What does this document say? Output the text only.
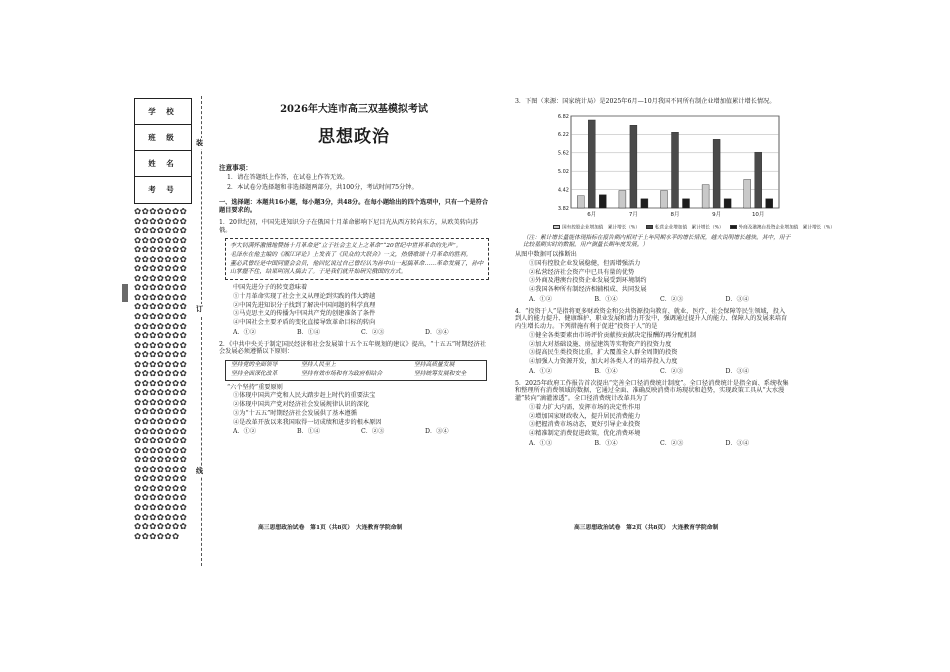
学 校
班 级
姓 名
考 号
✿✿✿✿✿✿✿✿✿✿✿✿✿✿✿✿✿✿✿✿✿✿✿✿✿✿✿✿✿✿✿✿✿✿✿✿✿✿✿✿✿✿✿✿✿✿✿✿✿✿✿✿✿✿✿✿✿✿✿✿✿✿✿✿✿✿✿✿✿✿✿✿✿✿✿✿✿✿✿✿✿✿✿✿✿✿✿✿✿✿✿✿✿✿✿✿✿✿✿✿✿✿✿✿✿✿✿✿✿✿✿✿✿✿✿✿✿✿✿✿✿✿✿✿✿✿✿✿✿✿✿✿✿✿✿✿✿✿✿✿✿✿✿✿✿✿✿✿✿✿✿✿✿✿✿✿✿✿✿✿✿✿✿✿✿✿✿✿✿✿✿✿✿✿✿✿✿✿✿✿✿✿✿✿✿✿✿✿✿✿✿✿✿✿✿✿✿✿✿✿✿✿✿✿✿✿✿✿✿✿✿✿✿✿✿✿✿✿✿✿✿✿✿✿✿✿✿✿✿✿✿✿✿✿✿✿✿✿✿✿✿✿✿✿
装
订
线
2026年大连市高三双基模拟考试
思想政治
注意事项：
1．请在答题纸上作答，在试卷上作答无效。
2．本试卷分选择题和非选择题两部分，共100分，考试时间75分钟。
一、选择题：本题共16小题，每小题3分，共48分。在每小题给出的四个选项中，只有一个是符合题目要求的。
1．20世纪初，中国先进知识分子在俄国十月革命影响下尼目光从西方转向东方，从欧美转向苏俄。
李大钊满怀激情地赞扬十月革命是“立于社会主义上之革命”“20世纪中世界革命的先声”。
毛泽东在他主编的《湘江评论》上发表了《民众的大联合》一文，热情歌颂十月革命的胜利。
董必武曾经是中国同盟会会员，他回忆说过自己曾经认为孙中山一起搞革命……革命发展了，孙中山掌握不住，结果叫别人搞去了。于是我们就开始研究俄国的方式。
中国先进分子的转变意味着
①十月革命实现了社会主义从理论到实践的伟大跨越
②中国先进知识分子找到了解决中国问题的科学真理
③马克思主义的传播为中国共产党的创建准备了条件
④中国社会主要矛盾的变化直接导致革命目标的转向
A．①②	B．①④	C．②③	D．③④
2．《中共中央关于制定国民经济和社会发展第十五个五年规划的建议》提出，“十五五”时期经济社会发展必须遵循以下原则：
坚持党的全面领导	坚持人民至上	坚持高质量发展
坚持全面深化改革	坚持有效市场和有为政府相结合	坚持统筹发展和安全
“六个坚持”重要原则
①体现中国共产党和人民大踏步赶上时代的重要法宝
②体现中国共产党对经济社会发展规律认识的深化
③为“十五五”时期经济社会发展供了基本遵循
④是改革开放以来我国取得一切成绩和进步的根本原因
A．①②	B．①④	C．②③	D．③④
高三思想政治试卷　第1页（共8页）　大连教育学院命制
3．下图（来源：国家统计局）是2025年6月—10月我国不同所有制企业增加值累计增长情况。
3.82
4.42
5.02
5.62
6.22
6.82
6月	7月	8月	9月	10月
国有控股企业增加值　累计增长（%）	私营企业增加值　累计增长（%）	外商及港澳台投资企业增加值　累计增长（%）
（注：累计增长量能体现指标在报告期内相对于上年同期水平的增长情况，越大说明增长越快。其中，用于比较基期实时的数据。用户测量长期年度发展。）
从图中数据可以推断出
①国有控股企业发展稳健，但需增强活力
②私营经济社会资产中已具有量的优势
③外商及港澳台投资企业发展受到环境制约
④我国各种所有制经济相辅相成、共同发展
A．①②	B．①④	C．②③	D．③④
4．“投资于人”是指将更多财政资金和公共资源投向教育、就业、医疗、社会保障等民生领域，投入到人的能力提升、健康维护、职业发展和潜力开发中，强调通过提升人的能力、保障人的发展来培育内生增长动力。下列措施有利于促进“投资于人”的是
①健全各类要素由市场评价贡献按贡献决定报酬的再分配机制
②加大对基础设施、房屋建筑等实物资产的投资力度
③提高民生类投资比重，扩大覆盖全人群全周期的投资
④加强人力资源开发，加大对各类人才的培养投入力度
A．①②	B．①④	C．②③	D．③④
5．2025年政府工作报告首次提出“完善全口径消费统计制度”。全口径消费统计是指全面、系统收集和整理所有消费领域的数据，它通过全面、准确反映消费市场现状和趋势，实现政策工具从“大水漫灌”转向“滴灌渗透”。全口径消费统计改革具为了
①着力扩大内需，发挥市场的决定性作用
②增加国家财政收入，提升居民消费能力
③把握消费市场动态，更好引导企业投资
④精准制定消费促进政策，优化消费环境
A．①③	B．①④	C．②③	D．③④
高三思想政治试卷　第2页（共8页）　大连教育学院命制
